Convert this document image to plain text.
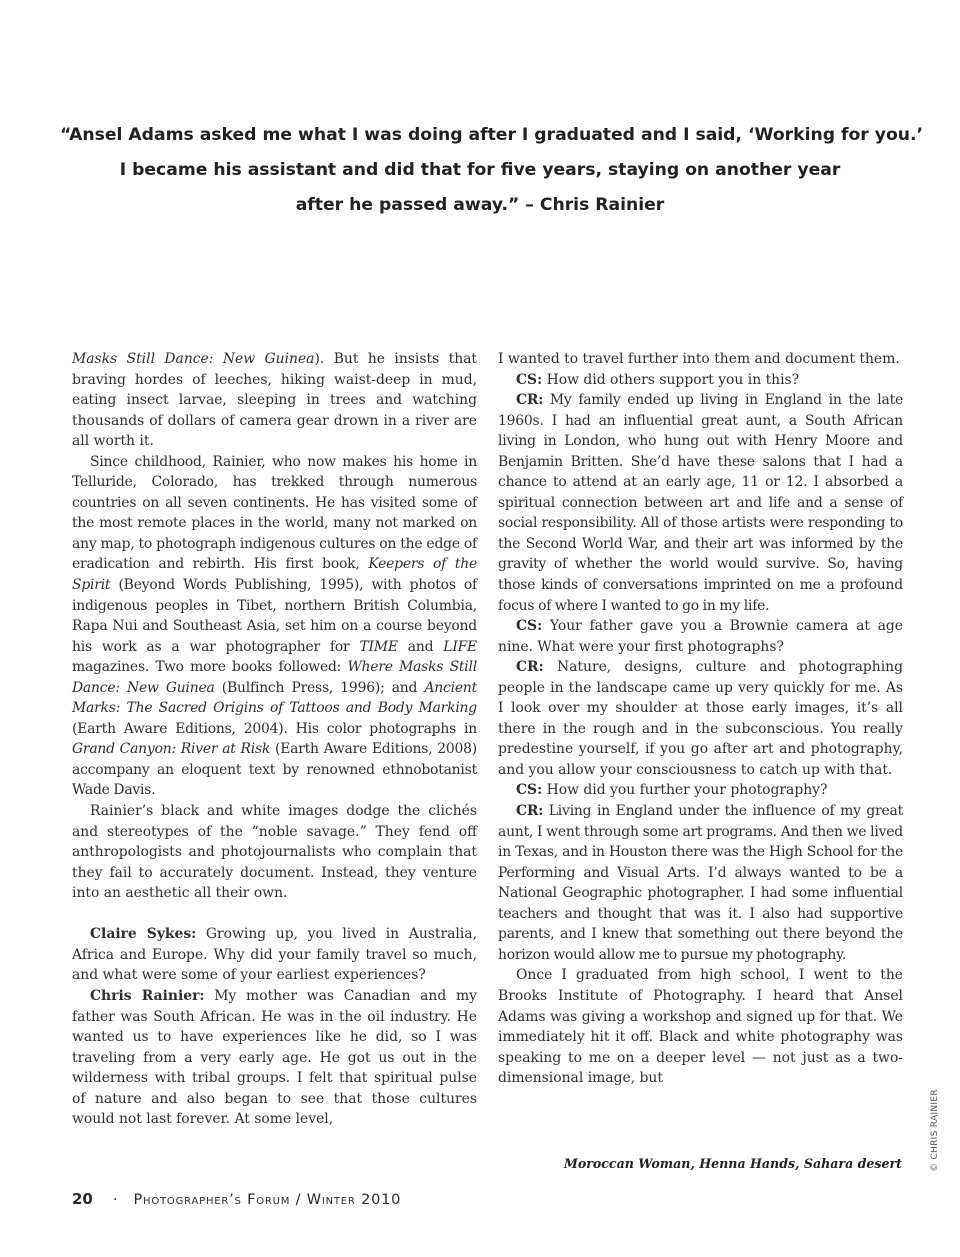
“Ansel Adams asked me what I was doing after I graduated and I said, ‘Working for you.’
I became his assistant and did that for five years, staying on another year
after he passed away.” – Chris Rainier

Masks Still Dance: New Guinea). But he insists that braving hordes of leeches, hiking waist-deep in mud, eating insect larvae, sleeping in trees and watching thousands of dollars of camera gear drown in a river are all worth it.

Since childhood, Rainier, who now makes his home in Telluride, Colorado, has trekked through numerous countries on all seven continents. He has visited some of the most remote places in the world, many not marked on any map, to photograph indigenous cultures on the edge of eradication and rebirth. His first book, Keepers of the Spirit (Beyond Words Publishing, 1995), with photos of indigenous peoples in Tibet, northern British Columbia, Rapa Nui and Southeast Asia, set him on a course beyond his work as a war photographer for TIME and LIFE magazines. Two more books followed: Where Masks Still Dance: New Guinea (Bulfinch Press, 1996); and Ancient Marks: The Sacred Origins of Tattoos and Body Marking (Earth Aware Editions, 2004). His color photographs in Grand Canyon: River at Risk (Earth Aware Editions, 2008) accompany an eloquent text by renowned ethnobotanist Wade Davis.

Rainier’s black and white images dodge the clichés and stereotypes of the “noble savage.” They fend off anthropologists and photojournalists who complain that they fail to accurately document. Instead, they venture into an aesthetic all their own.

Claire Sykes: Growing up, you lived in Australia, Africa and Europe. Why did your family travel so much, and what were some of your earliest experiences?

Chris Rainier: My mother was Canadian and my father was South African. He was in the oil industry. He wanted us to have experiences like he did, so I was traveling from a very early age. He got us out in the wilderness with tribal groups. I felt that spiritual pulse of nature and also began to see that those cultures would not last forever. At some level,

I wanted to travel further into them and document them.

CS: How did others support you in this?

CR: My family ended up living in England in the late 1960s. I had an influential great aunt, a South African living in London, who hung out with Henry Moore and Benjamin Britten. She’d have these salons that I had a chance to attend at an early age, 11 or 12. I absorbed a spiritual connection between art and life and a sense of social responsibility. All of those artists were responding to the Second World War, and their art was informed by the gravity of whether the world would survive. So, having those kinds of conversations imprinted on me a profound focus of where I wanted to go in my life.

CS: Your father gave you a Brownie camera at age nine. What were your first photographs?

CR: Nature, designs, culture and photographing people in the landscape came up very quickly for me. As I look over my shoulder at those early images, it’s all there in the rough and in the subconscious. You really predestine yourself, if you go after art and photography, and you allow your consciousness to catch up with that.

CS: How did you further your photography?

CR: Living in England under the influence of my great aunt, I went through some art programs. And then we lived in Texas, and in Houston there was the High School for the Performing and Visual Arts. I’d always wanted to be a National Geographic photographer. I had some influential teachers and thought that was it. I also had supportive parents, and I knew that something out there beyond the horizon would allow me to pursue my photography.

Once I graduated from high school, I went to the Brooks Institute of Photography. I heard that Ansel Adams was giving a workshop and signed up for that. We immediately hit it off. Black and white photography was speaking to me on a deeper level — not just as a two-dimensional image, but

Moroccan Woman, Henna Hands, Sahara desert	© CHRIS RAINIER
20 · Photographer’s Forum / Winter 2010
